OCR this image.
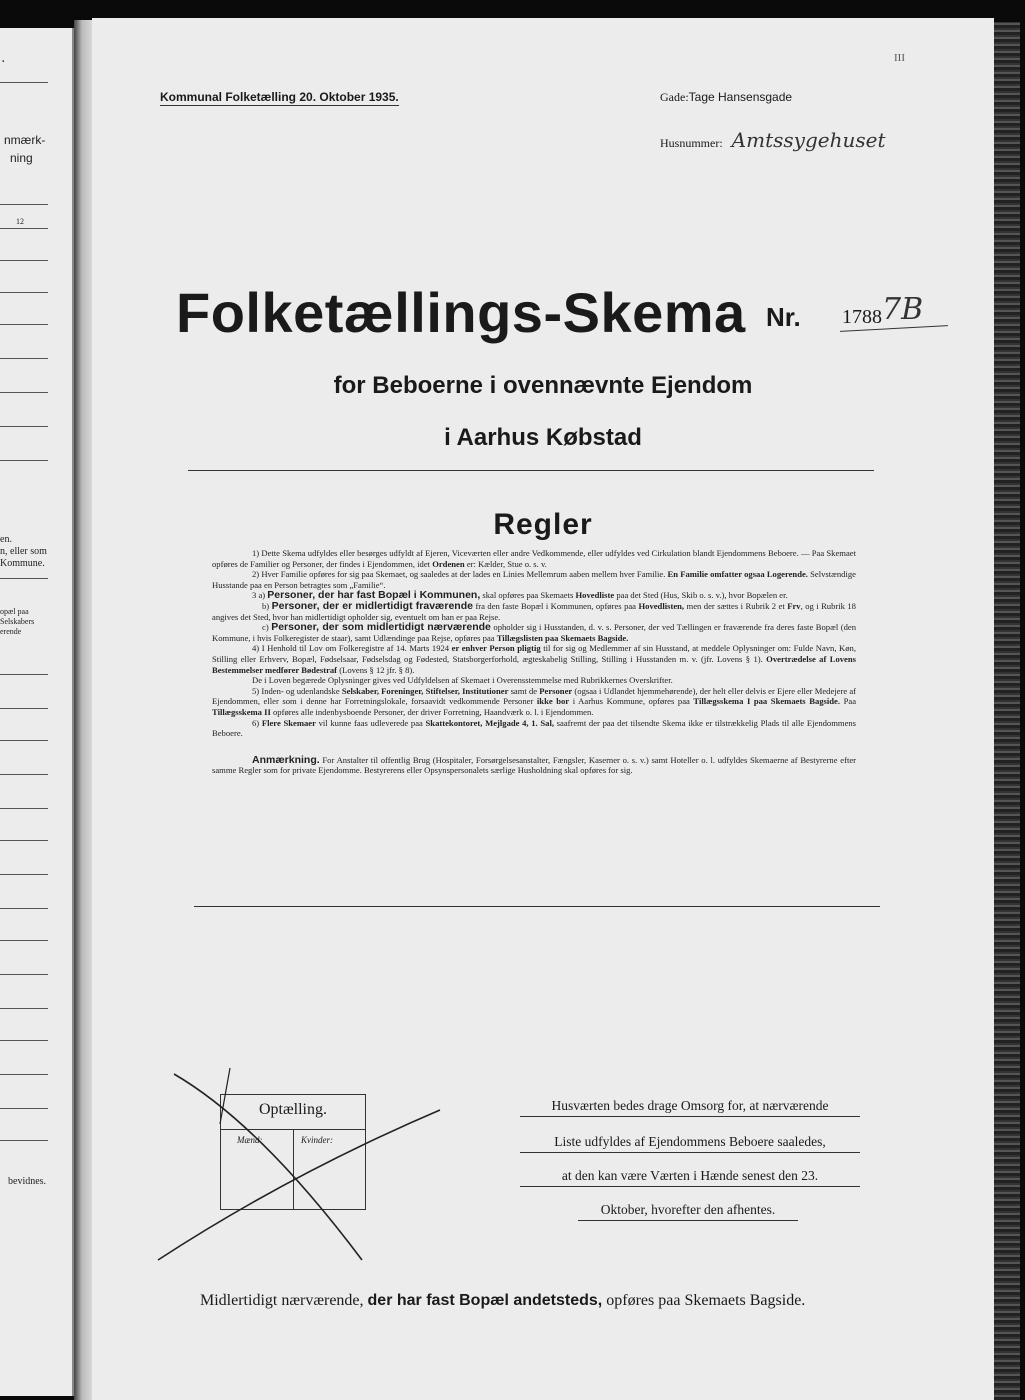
.
nmærk-
ning
12
en.
n, eller som
Kommune.
opæl paa
Selskabers
erende
bevidnes.
Kommunal Folketælling 20. Oktober 1935.
III
Gade:Tage Hansensgade
Husnummer: Amtssygehuset
Folketællings-Skema Nr. 1788 7B
for Beboerne i ovennævnte Ejendom
i Aarhus Købstad
Regler

1) Dette Skema udfyldes eller besørges udfyldt af Ejeren, Viceværten eller andre Vedkommende, eller udfyldes ved Cirkulation blandt Ejendommens Beboere. — Paa Skemaet opføres de Familier og Personer, der findes i Ejendommen, idet Ordenen er: Kælder, Stue o. s. v.

2) Hver Familie opføres for sig paa Skemaet, og saaledes at der lades en Linies Mellemrum aaben mellem hver Familie. En Familie omfatter ogsaa Logerende. Selvstændige Husstande paa en Person betragtes som „Familie“.

3 a) Personer, der har fast Bopæl i Kommunen, skal opføres paa Skemaets Hovedliste paa det Sted (Hus, Skib o. s. v.), hvor Bopælen er.

b) Personer, der er midlertidigt fraværende fra den faste Bopæl i Kommunen, opføres paa Hovedlisten, men der sættes i Rubrik 2 et Frv, og i Rubrik 18 angives det Sted, hvor han midlertidigt opholder sig, eventuelt om han er paa Rejse.

c) Personer, der som midlertidigt nærværende opholder sig i Husstanden, d. v. s. Personer, der ved Tællingen er fraværende fra deres faste Bopæl (den Kommune, i hvis Folkeregister de staar), samt Udlændinge paa Rejse, opføres paa Tillægslisten paa Skemaets Bagside.

4) I Henhold til Lov om Folkeregistre af 14. Marts 1924 er enhver Person pligtig til for sig og Medlemmer af sin Husstand, at meddele Oplysninger om: Fulde Navn, Køn, Stilling eller Erhverv, Bopæl, Fødselsaar, Fødselsdag og Fødested, Statsborgerforhold, ægteskabelig Stilling, Stilling i Husstanden m. v. (jfr. Lovens § 1). Overtrædelse af Lovens Bestemmelser medfører Bødestraf (Lovens § 12 jfr. § 8).

De i Loven begærede Oplysninger gives ved Udfyldelsen af Skemaet i Overensstemmelse med Rubrikkernes Overskrifter.

5) Inden- og udenlandske Selskaber, Foreninger, Stiftelser, Institutioner samt de Personer (ogsaa i Udlandet hjemmehørende), der helt eller delvis er Ejere eller Medejere af Ejendommen, eller som i denne har Forretningslokale, forsaavidt vedkommende Personer ikke bor i Aarhus Kommune, opføres paa Tillægsskema I paa Skemaets Bagside. Paa Tillægsskema II opføres alle indenbysboende Personer, der driver Forretning, Haandværk o. l. i Ejendommen.

6) Flere Skemaer vil kunne faas udleverede paa Skattekontoret, Mejlgade 4, 1. Sal, saafremt der paa det tilsendte Skema ikke er tilstrækkelig Plads til alle Ejendommens Beboere.

Anmærkning. For Anstalter til offentlig Brug (Hospitaler, Forsørgelsesanstalter, Fængsler, Kaserner o. s. v.) samt Hoteller o. l. udfyldes Skemaerne af Bestyrerne efter samme Regler som for private Ejendomme. Bestyrerens eller Opsynspersonalets særlige Husholdning skal opføres for sig.

Optælling.
Mænd:	Kvinder:
Husværten bedes drage Omsorg for, at nærværende
Liste udfyldes af Ejendommens Beboere saaledes,
at den kan være Værten i Hænde senest den 23.
Oktober, hvorefter den afhentes.
Midlertidigt nærværende, der har fast Bopæl andetsteds, opføres paa Skemaets Bagside.
